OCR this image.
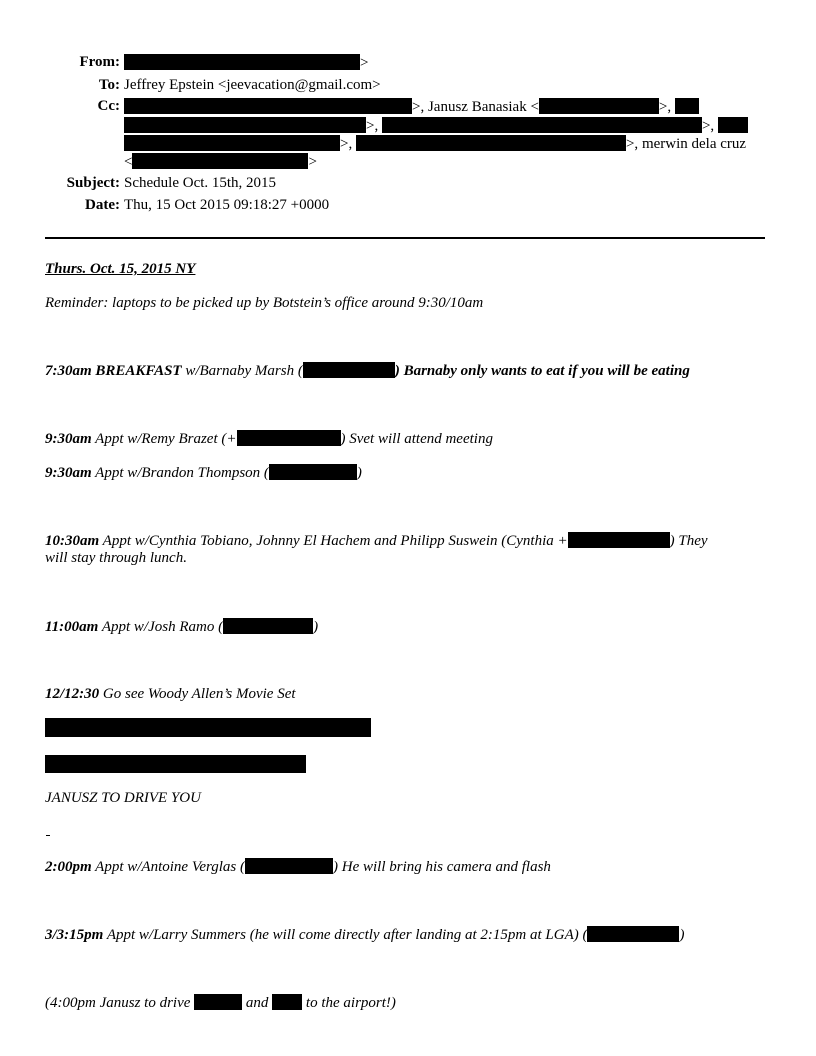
From:	>
To: Jeffrey Epstein <jeevacation@gmail.com>
Cc:	>, Janusz Banasiak <	>,
>,	>,
>,	>, merwin dela cruz
<	>
Subject: Schedule Oct. 15th, 2015
Date: Thu, 15 Oct 2015 09:18:27 +0000
Thurs. Oct. 15, 2015 NY
Reminder: laptops to be picked up by Botstein’s office around 9:30/10am
7:30am BREAKFAST w/Barnaby Marsh (	) Barnaby only wants to eat if you will be eating
9:30am Appt w/Remy Brazet (+	) Svet will attend meeting
9:30am Appt w/Brandon Thompson (	)
10:30am Appt w/Cynthia Tobiano, Johnny El Hachem and Philipp Suswein (Cynthia +	) They
will stay through lunch.
11:00am Appt w/Josh Ramo (	)
12/12:30 Go see Woody Allen’s Movie Set
JANUSZ TO DRIVE YOU
2:00pm Appt w/Antoine Verglas (	) He will bring his camera and flash
3/3:15pm Appt w/Larry Summers (he will come directly after landing at 2:15pm at LGA) (	)
(4:00pm Janusz to drive	and	to the airport!)
